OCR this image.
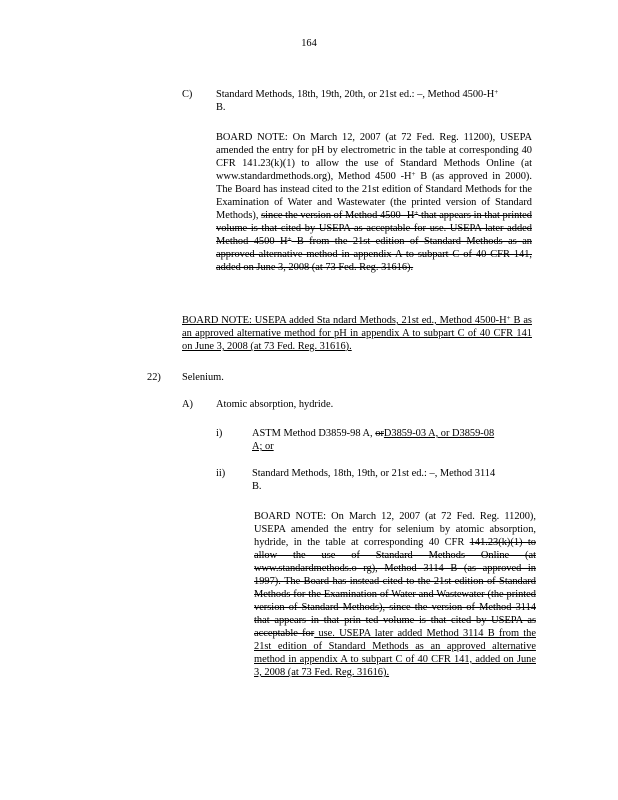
164
C) Standard Methods, 18th, 19th, 20th, or 21st ed.: –, Method 4500-H+
B.
BOARD NOTE: On March 12, 2007 (at 72 Fed. Reg. 11200), USEPA amended the entry for pH by electrometric in the table at corresponding 40 CFR 141.23(k)(1) to allow the use of Standard Methods Online (at www.standardmethods.org), Method 4500 -H+ B (as approved in 2000). The Board has instead cited to the 21st edition of Standard Methods for the Examination of Water and Wastewater (the printed version of Standard Methods), since the version of Method 4500 -H+ that appears in that printed volume is that cited by USEPA as acceptable for use. USEPA later added Method 4500 H+ B from the 21st edition of Standard Methods as an approved alternative method in appendix A to subpart C of 40 CFR 141, added on June 3, 2008 (at 73 Fed. Reg. 31616).
BOARD NOTE: USEPA added Sta ndard Methods, 21st ed., Method 4500-H+ B as an approved alternative method for pH in appendix A to subpart C of 40 CFR 141 on June 3, 2008 (at 73 Fed. Reg. 31616).
22) Selenium.
A) Atomic absorption, hydride.
i)	ASTM Method D3859-98 A, orD3859-03 A, or D3859-08
A; or
ii)	Standard Methods, 18th, 19th, or 21st ed.: –, Method 3114
B.
BOARD NOTE: On March 12, 2007 (at 72 Fed. Reg. 11200), USEPA amended the entry for selenium by atomic absorption, hydride, in the table at corresponding 40 CFR 141.23(k)(1) to allow the use of Standard Methods Online (at www.standardmethods.o rg), Method 3114 B (as approved in 1997). The Board has instead cited to the 21st edition of Standard Methods for the Examination of Water and Wastewater (the printed version of Standard Methods), since the version of Method 3114 that appears in that prin ted volume is that cited by USEPA as acceptable for use. USEPA later added Method 3114 B from the 21st edition of Standard Methods as an approved alternative method in appendix A to subpart C of 40 CFR 141, added on June 3, 2008 (at 73 Fed. Reg. 31616).
